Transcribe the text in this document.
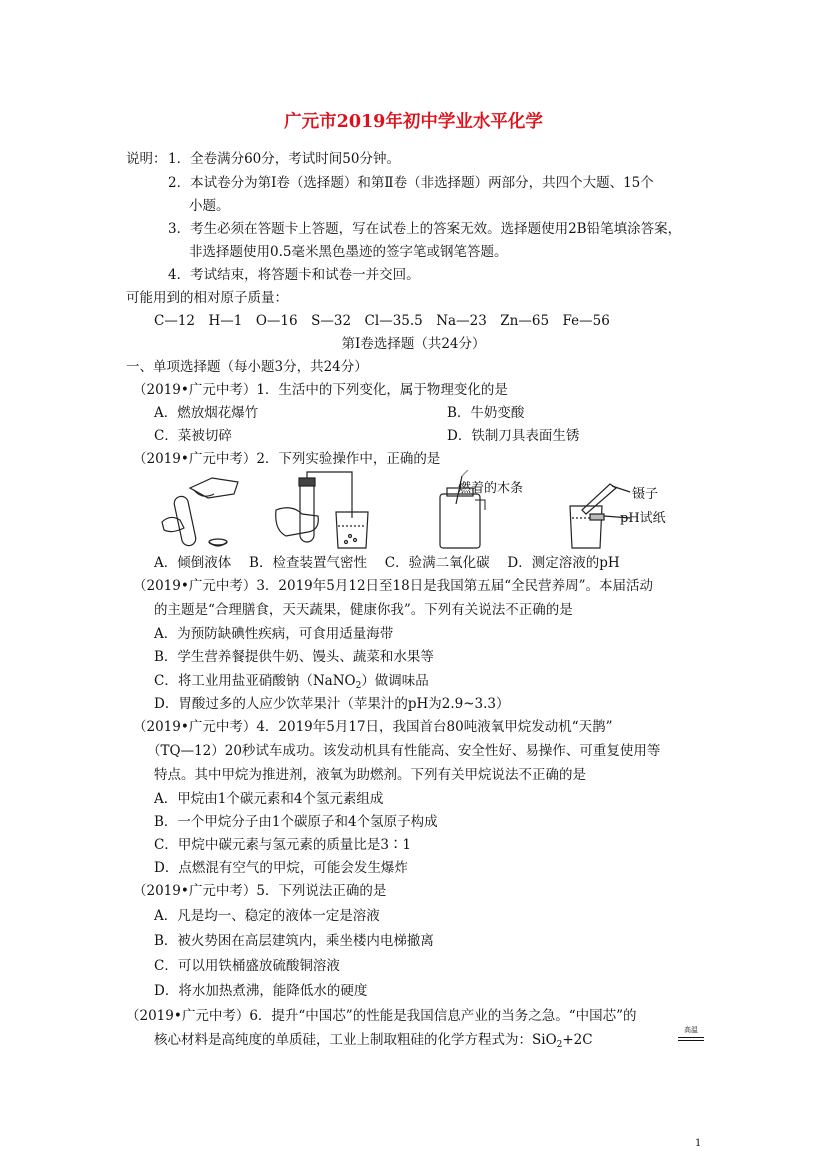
广元市2019年初中学业水平化学
说明： 1．全卷满分60分，考试时间50分钟。
2．本试卷分为第Ⅰ卷（选择题）和第Ⅱ卷（非选择题）两部分，共四个大题、15个
小题。
3．考生必须在答题卡上答题，写在试卷上的答案无效。选择题使用2B铅笔填涂答案，
非选择题使用0.5毫米黑色墨迹的签字笔或钢笔答题。
4．考试结束，将答题卡和试卷一并交回。
可能用到的相对原子质量：
C—12　H—1　O—16　S—32　Cl—35.5　Na—23　Zn—65　Fe—56
第Ⅰ卷选择题（共24分）
一、单项选择题（每小题3分，共24分）
（2019•广元中考）1．生活中的下列变化，属于物理变化的是
A．燃放烟花爆竹	B．牛奶变酸
C．菜被切碎	D．铁制刀具表面生锈
（2019•广元中考）2．下列实验操作中，正确的是
燃着的木条	镊子
pH试纸
A．倾倒液体　 B．检查装置气密性　 C．验满二氧化碳　 D．测定溶液的pH
（2019•广元中考）3．2019年5月12日至18日是我国第五届“全民营养周”。本届活动
的主题是“合理膳食，天天蔬果，健康你我”。下列有关说法不正确的是
A．为预防缺碘性疾病，可食用适量海带
B．学生营养餐提供牛奶、馒头、蔬菜和水果等
C．将工业用盐亚硝酸钠（NaNO$_2$）做调味品
D．胃酸过多的人应少饮苹果汁（苹果汁的pH为2.9~3.3）
（2019•广元中考）4．2019年5月17日，我国首台80吨液氧甲烷发动机“天鹊”
（TQ—12）20秒试车成功。该发动机具有性能高、安全性好、易操作、可重复使用等
特点。其中甲烷为推进剂，液氧为助燃剂。下列有关甲烷说法不正确的是
A．甲烷由1个碳元素和4个氢元素组成
B．一个甲烷分子由1个碳原子和4个氢原子构成
C．甲烷中碳元素与氢元素的质量比是3∶1
D．点燃混有空气的甲烷，可能会发生爆炸
（2019•广元中考）5．下列说法正确的是
A．凡是均一、稳定的液体一定是溶液
B．被火势困在高层建筑内，乘坐楼内电梯撤离
C．可以用铁桶盛放硫酸铜溶液
D．将水加热煮沸，能降低水的硬度
（2019•广元中考）6．提升“中国芯”的性能是我国信息产业的当务之急。“中国芯”的
核心材料是高纯度的单质硅，工业上制取粗硅的化学方程式为：SiO$_2$+2C
高温
1
